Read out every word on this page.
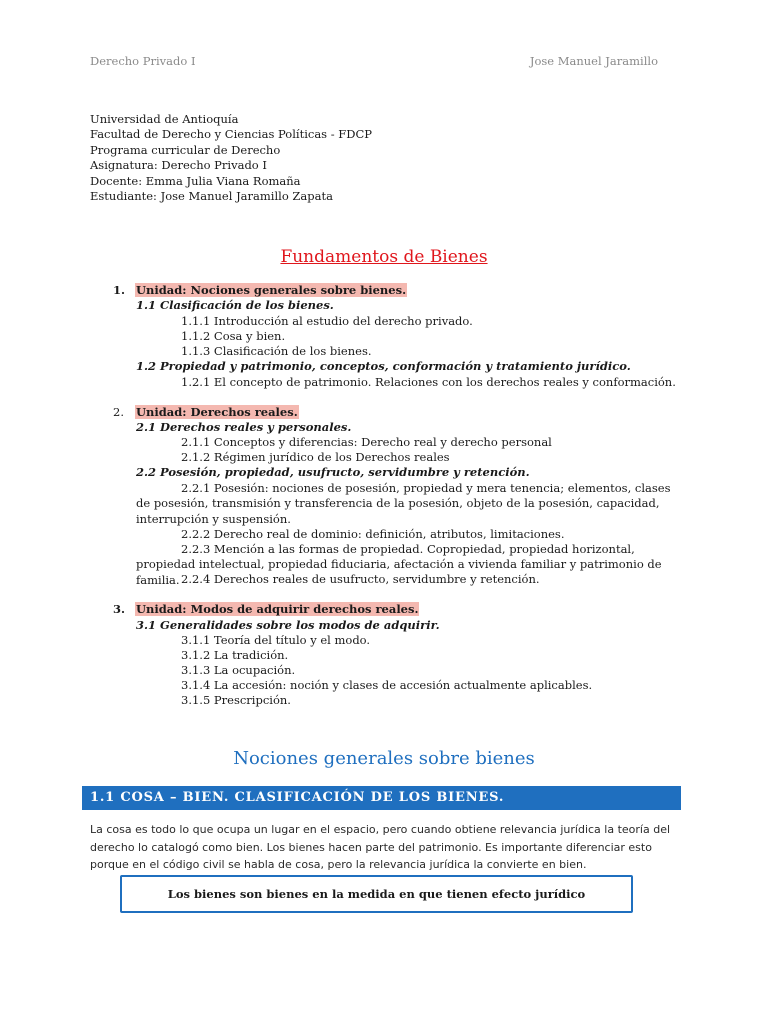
Derecho Privado I	Jose Manuel Jaramillo
Universidad de Antioquía
Facultad de Derecho y Ciencias Políticas - FDCP
Programa curricular de Derecho
Asignatura: Derecho Privado I
Docente: Emma Julia Viana Romaña
Estudiante: Jose Manuel Jaramillo Zapata
Fundamentos de Bienes
1. Unidad: Nociones generales sobre bienes.
1.1 Clasificación de los bienes.
1.1.1 Introducción al estudio del derecho privado.
1.1.2 Cosa y bien.
1.1.3 Clasificación de los bienes.
1.2 Propiedad y patrimonio, conceptos, conformación y tratamiento jurídico.
1.2.1 El concepto de patrimonio. Relaciones con los derechos reales y conformación.
2. Unidad: Derechos reales.
2.1 Derechos reales y personales.
2.1.1 Conceptos y diferencias: Derecho real y derecho personal
2.1.2 Régimen jurídico de los Derechos reales
2.2 Posesión, propiedad, usufructo, servidumbre y retención.
2.2.1 Posesión: nociones de posesión, propiedad y mera tenencia; elementos, clases de posesión, transmisión y transferencia de la posesión, objeto de la posesión, capacidad, interrupción y suspensión.
2.2.2 Derecho real de dominio: definición, atributos, limitaciones.
2.2.3 Mención a las formas de propiedad. Copropiedad, propiedad horizontal, propiedad intelectual, propiedad fiduciaria, afectación a vivienda familiar y patrimonio de familia. 2.2.4 Derechos reales de usufructo, servidumbre y retención.
3. Unidad: Modos de adquirir derechos reales.
3.1 Generalidades sobre los modos de adquirir.
3.1.1 Teoría del título y el modo.
3.1.2 La tradición.
3.1.3 La ocupación.
3.1.4 La accesión: noción y clases de accesión actualmente aplicables.
3.1.5 Prescripción.
Nociones generales sobre bienes
1.1 COSA – BIEN. CLASIFICACIÓN DE LOS BIENES.
La cosa es todo lo que ocupa un lugar en el espacio, pero cuando obtiene relevancia jurídica la teoría del derecho lo catalogó como bien. Los bienes hacen parte del patrimonio. Es importante diferenciar esto porque en el código civil se habla de cosa, pero la relevancia jurídica la convierte en bien.
Los bienes son bienes en la medida en que tienen efecto jurídico
